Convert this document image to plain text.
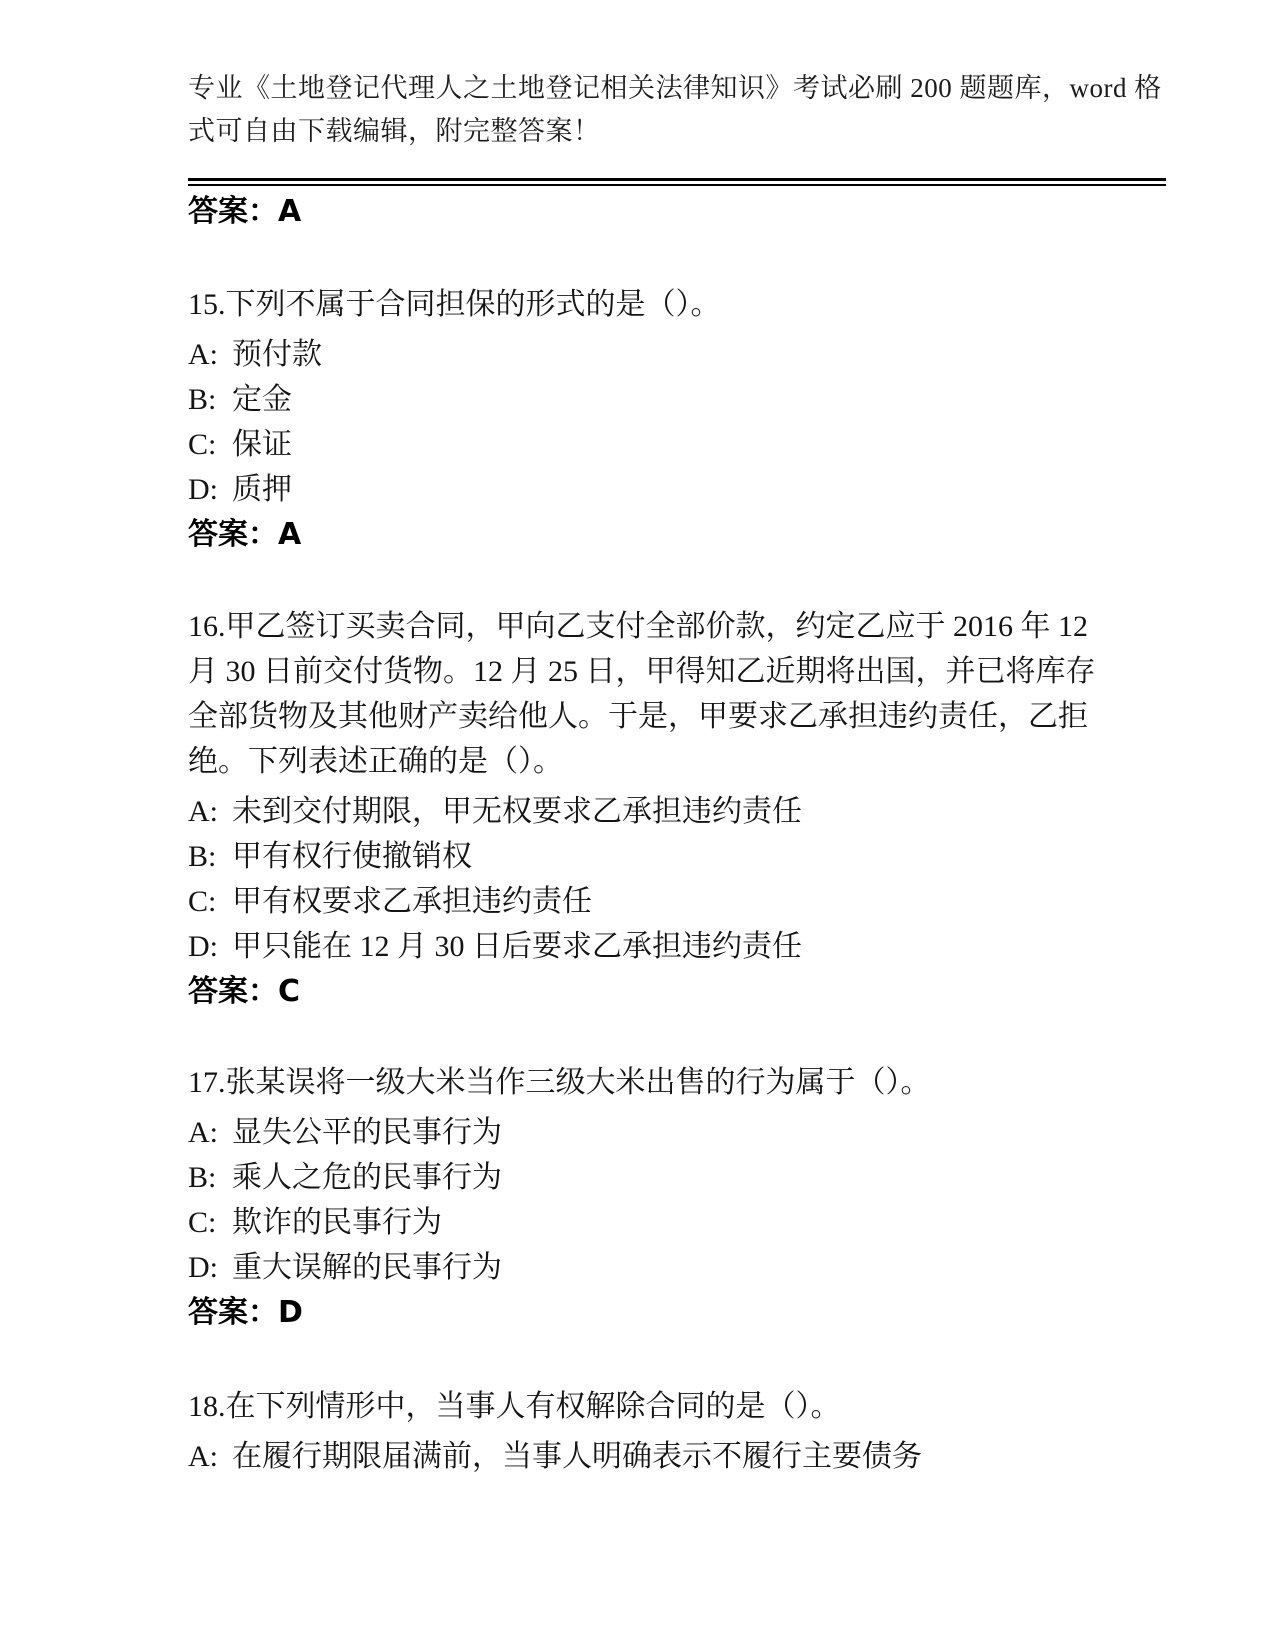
专业《土地登记代理人之土地登记相关法律知识》考试必刷 200 题题库，word 格
式可自由下载编辑，附完整答案！
答案：A
15.下列不属于合同担保的形式的是（）。
A: 预付款
B: 定金
C: 保证
D: 质押
答案：A
16.甲乙签订买卖合同，甲向乙支付全部价款，约定乙应于 2016 年 12
月 30 日前交付货物。12 月 25 日，甲得知乙近期将出国，并已将库存
全部货物及其他财产卖给他人。于是，甲要求乙承担违约责任，乙拒
绝。下列表述正确的是（）。
A: 未到交付期限，甲无权要求乙承担违约责任
B: 甲有权行使撤销权
C: 甲有权要求乙承担违约责任
D: 甲只能在 12 月 30 日后要求乙承担违约责任
答案：C
17.张某误将一级大米当作三级大米出售的行为属于（）。
A: 显失公平的民事行为
B: 乘人之危的民事行为
C: 欺诈的民事行为
D: 重大误解的民事行为
答案：D
18.在下列情形中，当事人有权解除合同的是（）。
A: 在履行期限届满前，当事人明确表示不履行主要债务
